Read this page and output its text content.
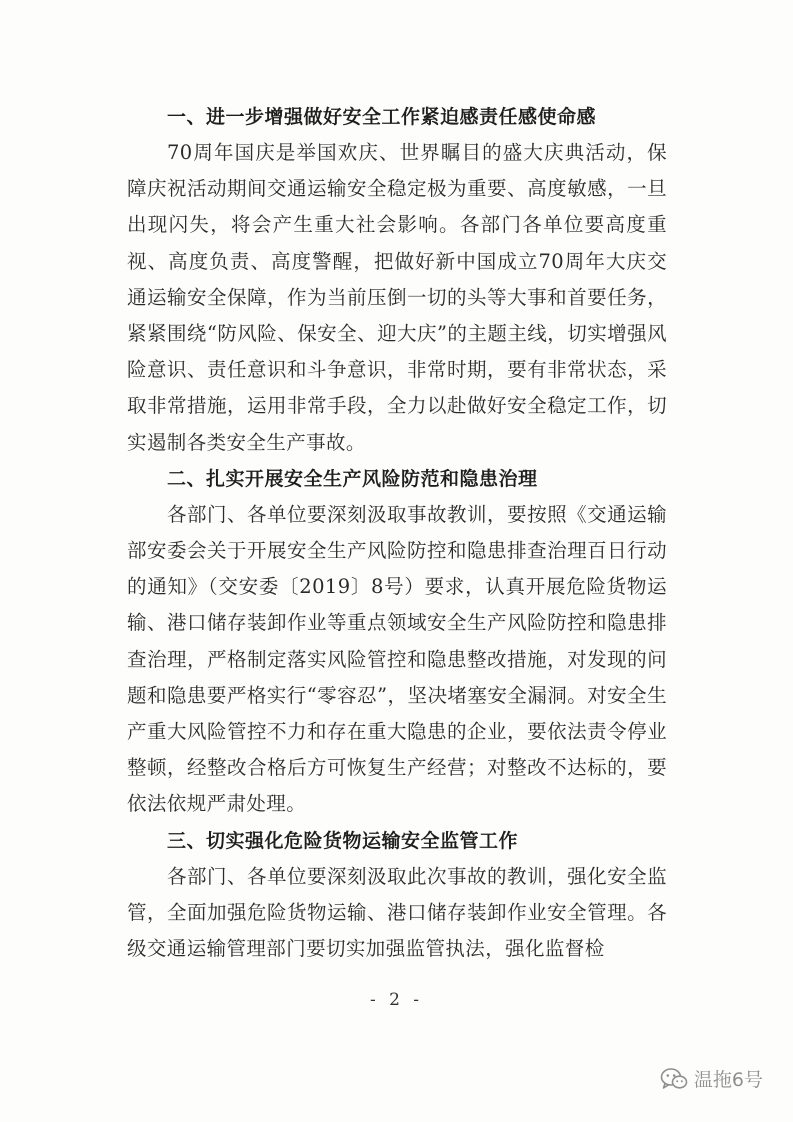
一、进一步增强做好安全工作紧迫感责任感使命感

70周年国庆是举国欢庆、世界瞩目的盛大庆典活动，保障庆祝活动期间交通运输安全稳定极为重要、高度敏感，一旦出现闪失，将会产生重大社会影响。各部门各单位要高度重视、高度负责、高度警醒，把做好新中国成立70周年大庆交通运输安全保障，作为当前压倒一切的头等大事和首要任务，紧紧围绕“防风险、保安全、迎大庆”的主题主线，切实增强风险意识、责任意识和斗争意识，非常时期，要有非常状态，采取非常措施，运用非常手段，全力以赴做好安全稳定工作，切实遏制各类安全生产事故。

二、扎实开展安全生产风险防范和隐患治理

各部门、各单位要深刻汲取事故教训，要按照《交通运输部安委会关于开展安全生产风险防控和隐患排查治理百日行动的通知》（交安委〔2019〕8号）要求，认真开展危险货物运输、港口储存装卸作业等重点领域安全生产风险防控和隐患排查治理，严格制定落实风险管控和隐患整改措施，对发现的问题和隐患要严格实行“零容忍”，坚决堵塞安全漏洞。对安全生产重大风险管控不力和存在重大隐患的企业，要依法责令停业整顿，经整改合格后方可恢复生产经营；对整改不达标的，要依法依规严肃处理。

三、切实强化危险货物运输安全监管工作

各部门、各单位要深刻汲取此次事故的教训，强化安全监管，全面加强危险货物运输、港口储存装卸作业安全管理。各级交通运输管理部门要切实加强监管执法，强化监督检

- 2 -
温拖6号
